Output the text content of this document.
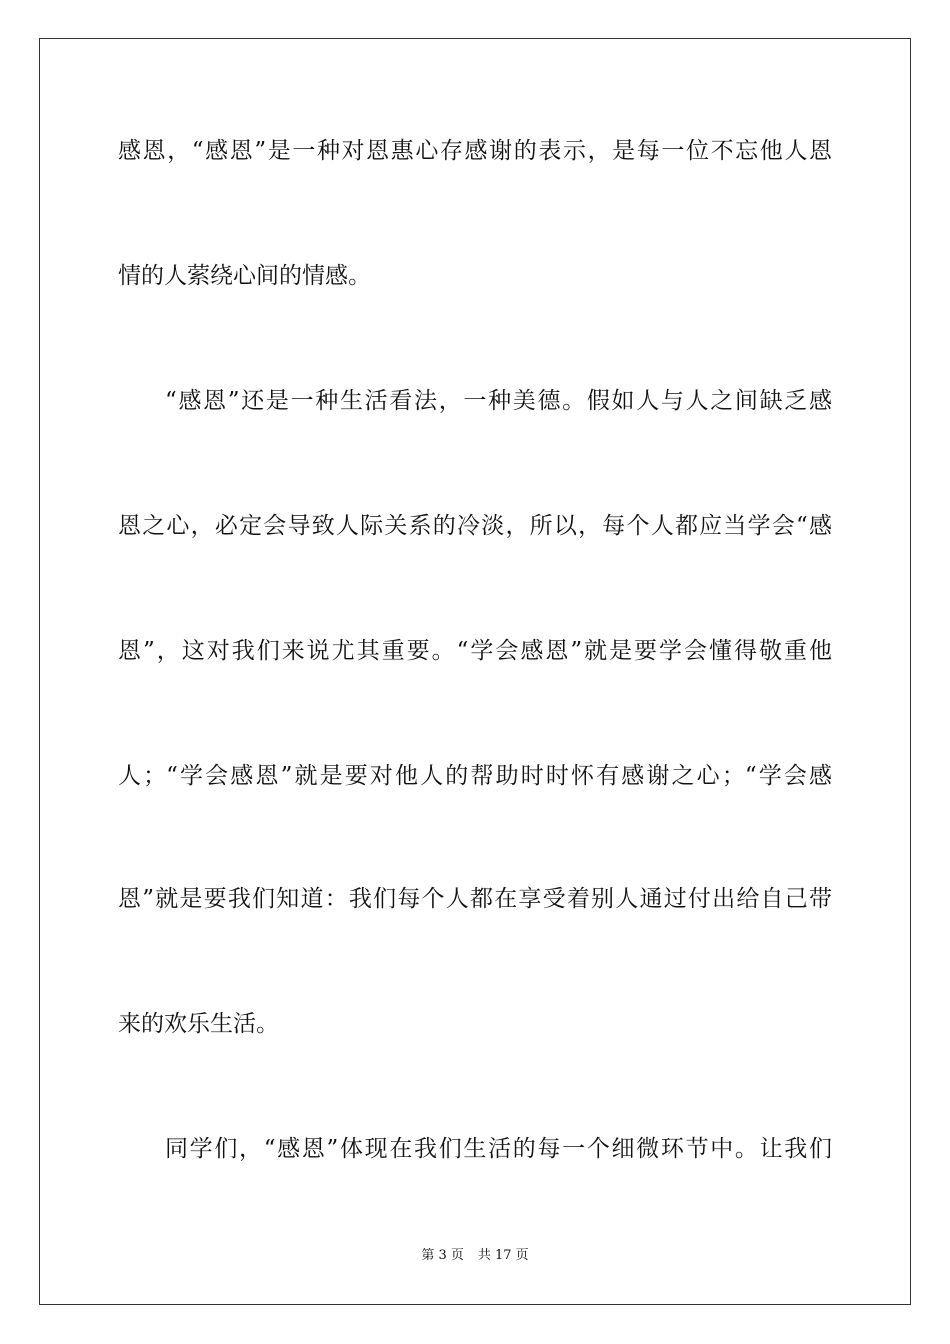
感恩，“感恩”是一种对恩惠心存感谢的表示，是每一位不忘他人恩
情的人萦绕心间的情感。
“感恩”还是一种生活看法，一种美德。假如人与人之间缺乏感
恩之心，必定会导致人际关系的冷淡，所以，每个人都应当学会“感
恩”，这对我们来说尤其重要。“学会感恩”就是要学会懂得敬重他
人；“学会感恩”就是要对他人的帮助时时怀有感谢之心；“学会感
恩”就是要我们知道：我们每个人都在享受着别人通过付出给自己带
来的欢乐生活。
同学们，“感恩”体现在我们生活的每一个细微环节中。让我们
第 3 页 共 17 页
